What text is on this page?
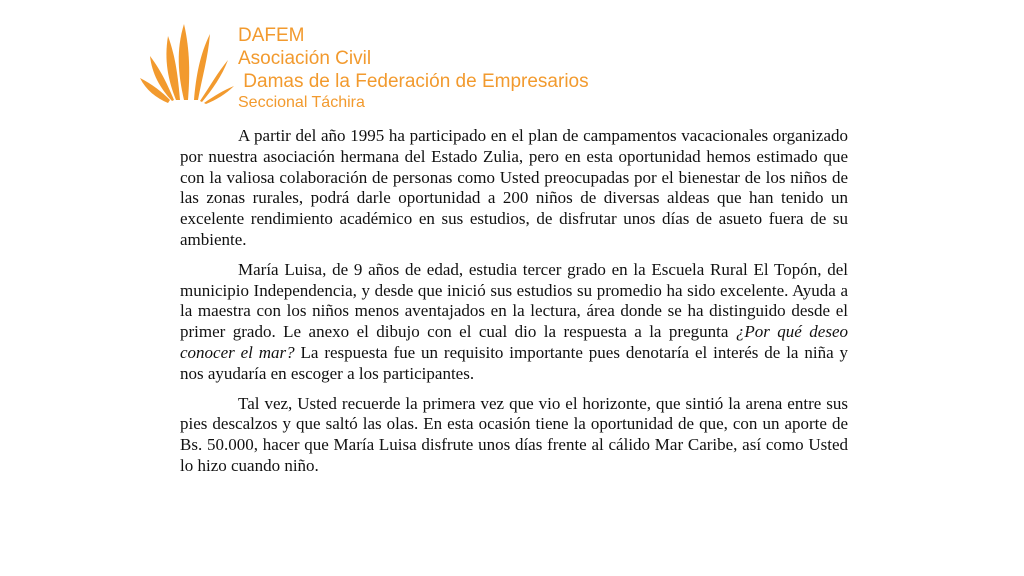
DAFEM
Asociación Civil
Damas de la Federación de Empresarios
Seccional Táchira

A partir del año 1995 ha participado en el plan de campamentos vacacionales organizado por nuestra asociación hermana del Estado Zulia, pero en esta oportunidad hemos estimado que con la valiosa colaboración de personas como Usted preocupadas por el bienestar de los niños de las zonas rurales, podrá darle oportunidad a 200 niños de diversas aldeas que han tenido un excelente rendimiento académico en sus estudios, de disfrutar unos días de asueto fuera de su ambiente.

María Luisa, de 9 años de edad, estudia tercer grado en la Escuela Rural El Topón, del municipio Independencia, y desde que inició sus estudios su promedio ha sido excelente. Ayuda a la maestra con los niños menos aventajados en la lectura, área donde se ha distinguido desde el primer grado. Le anexo el dibujo con el cual dio la respuesta a la pregunta ¿Por qué deseo conocer el mar? La respuesta fue un requisito importante pues denotaría el interés de la niña y nos ayudaría en escoger a los participantes.

Tal vez, Usted recuerde la primera vez que vio el horizonte, que sintió la arena entre sus pies descalzos y que saltó las olas. En esta ocasión tiene la oportunidad de que, con un aporte de Bs. 50.000, hacer que María Luisa disfrute unos días frente al cálido Mar Caribe, así como Usted lo hizo cuando niño.
